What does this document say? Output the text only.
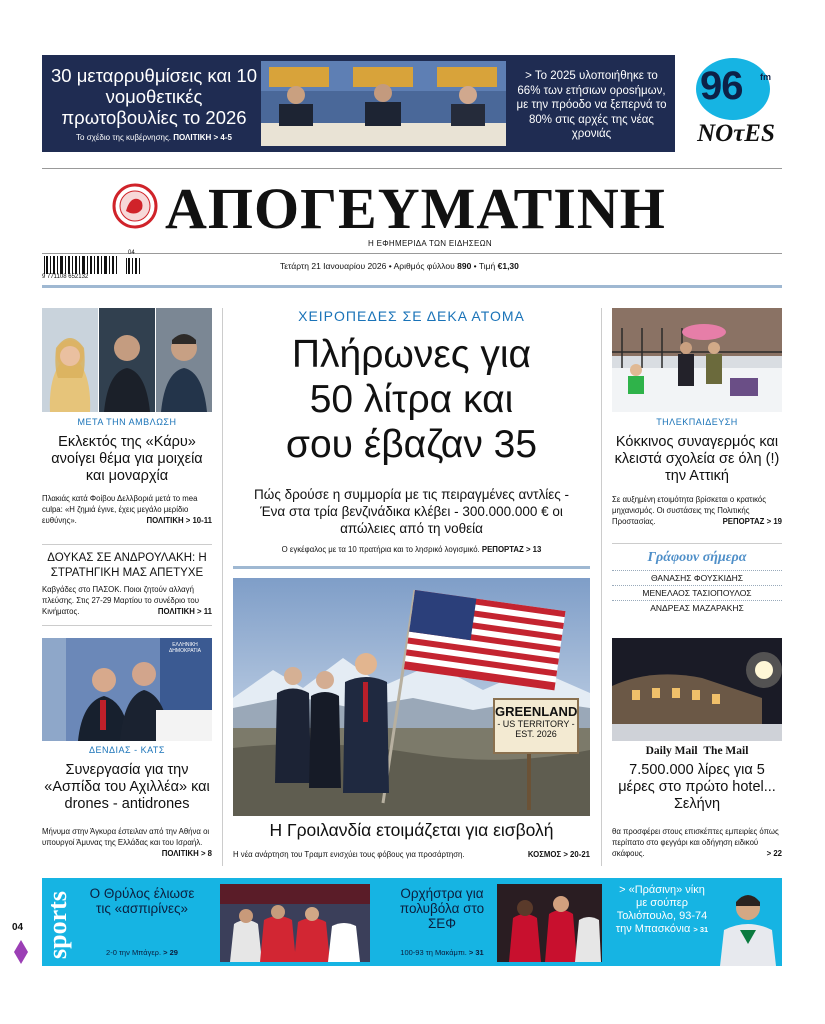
30 μεταρρυθμίσεις και 10 νομοθετικές πρωτοβουλίες το 2026
Το σχέδιο της κυβέρνησης. ΠΟΛΙΤΙΚΗ > 4-5
> Το 2025 υλοποιήθηκε το 66% των ετήσιων ορosήμων, με την πρόοδο να ξεπερνά το 80% στις αρχές της νέας χρονιάς
96 fm
NOτES
ΑΠΟΓΕΥΜΑΤΙΝΗ
Η ΕΦΗΜΕΡΙΔΑ ΤΩΝ ΕΙΔΗΣΕΩΝ
9 771108 652132
04
Τετάρτη 21 Ιανουαρίου 2026 • Αριθμός φύλλου 890 • Τιμή €1,30
ΜΕΤΑ ΤΗΝ ΑΜΒΛΩΣΗ
Εκλεκτός της «Κάρυ» ανοίγει θέμα για μοιχεία και μοναρχία
Πλακιάς κατά Φοίβου Δελλβοριά μετά το mea culpa: «Η ζημιά έγινε, έχεις μεγάλο μερίδιο ευθύνης».	ΠΟΛΙΤΙΚΗ > 10-11
ΔΟΥΚΑΣ ΣΕ ΑΝΔΡΟΥΛΑΚΗ: Η ΣΤΡΑΤΗΓΙΚΗ ΜΑΣ ΑΠΕΤΥΧΕ
Καβγάδες στο ΠΑΣΟΚ. Ποιοι ζητούν αλλαγή πλεύσης. Στις 27-29 Μαρτίου το συνέδριο του Κινήματος.	ΠΟΛΙΤΙΚΗ > 11
ΕΛΛΗΝΙΚΗ ΔΗΜΟΚΡΑΤΙΑ
ΔΕΝΔΙΑΣ - ΚΑΤΣ
Συνεργασία για την «Ασπίδα του Αχιλλέα» και drones - antidrones
Μήνυμα στην Άγκυρα έστειλαν από την Αθήνα οι υπουργοί Άμυνας της Ελλάδας και του Ισραήλ.
ΠΟΛΙΤΙΚΗ > 8
ΧΕΙΡΟΠΕΔΕΣ ΣΕ ΔΕΚΑ ΑΤΟΜΑ
Πλήρωνες για
50 λίτρα και
σου έβαζαν 35
Πώς δρούσε η συμμορία με τις πειραγμένες αντλίες - Ένα στα τρία βενζινάδικα κλέβει - 300.000.000 € οι απώλειες από τη νοθεία
Ο εγκέφαλος με τα 10 πρατήρια και το λησρικό λογισμικό. ΡΕΠΟΡΤΑΖ > 13
GREENLAND
- US TERRITORY -
EST. 2026
Η Γροιλανδία ετοιμάζεται για εισβολή
Η νέα ανάρτηση του Τραμπ ενισχύει τους φόβους για προσάρτηση.	ΚΟΣΜΟΣ > 20-21
ΤΗΛΕΚΠΑΙΔΕΥΣΗ
Κόκκινος συναγερμός και κλειστά σχολεία σε όλη (!) την Αττική
Σε αυξημένη ετοιμότητα βρίσκεται ο κρατικός μηχανισμός. Οι συστάσεις της Πολιτικής Προστασίας.	ΡΕΠΟΡΤΑΖ > 19
Γράφουν σήμερα
ΘΑΝΑΣΗΣ ΦΟΥΣΚΙΔΗΣ
ΜΕΝΕΛΑΟΣ ΤΑΣΙΟΠΟΥΛΟΣ
ΑΝΔΡΕΑΣ ΜΑΖΑΡΑΚΗΣ
Daily Mail The Mail
7.500.000 λίρες για 5 μέρες στο πρώτο hotel... Σελήνη
θα προσφέρει στους επισκέπτες εμπειρίες όπως περίπατο στο φεγγάρι και οδήγηση ειδικού σκάφους.	> 22
sports	Ο Θρύλος έλιωσε τις «ασπιρίνες»
2-0 την Μπάγερ. > 29
Ορχήστρα για πολυβόλα στο ΣΕΦ
100-93 τη Μακάμπι. > 31
> «Πράσινη» νίκη με σούπερ Τολιόπουλο, 93-74 την Μπασκόνια > 31
04
